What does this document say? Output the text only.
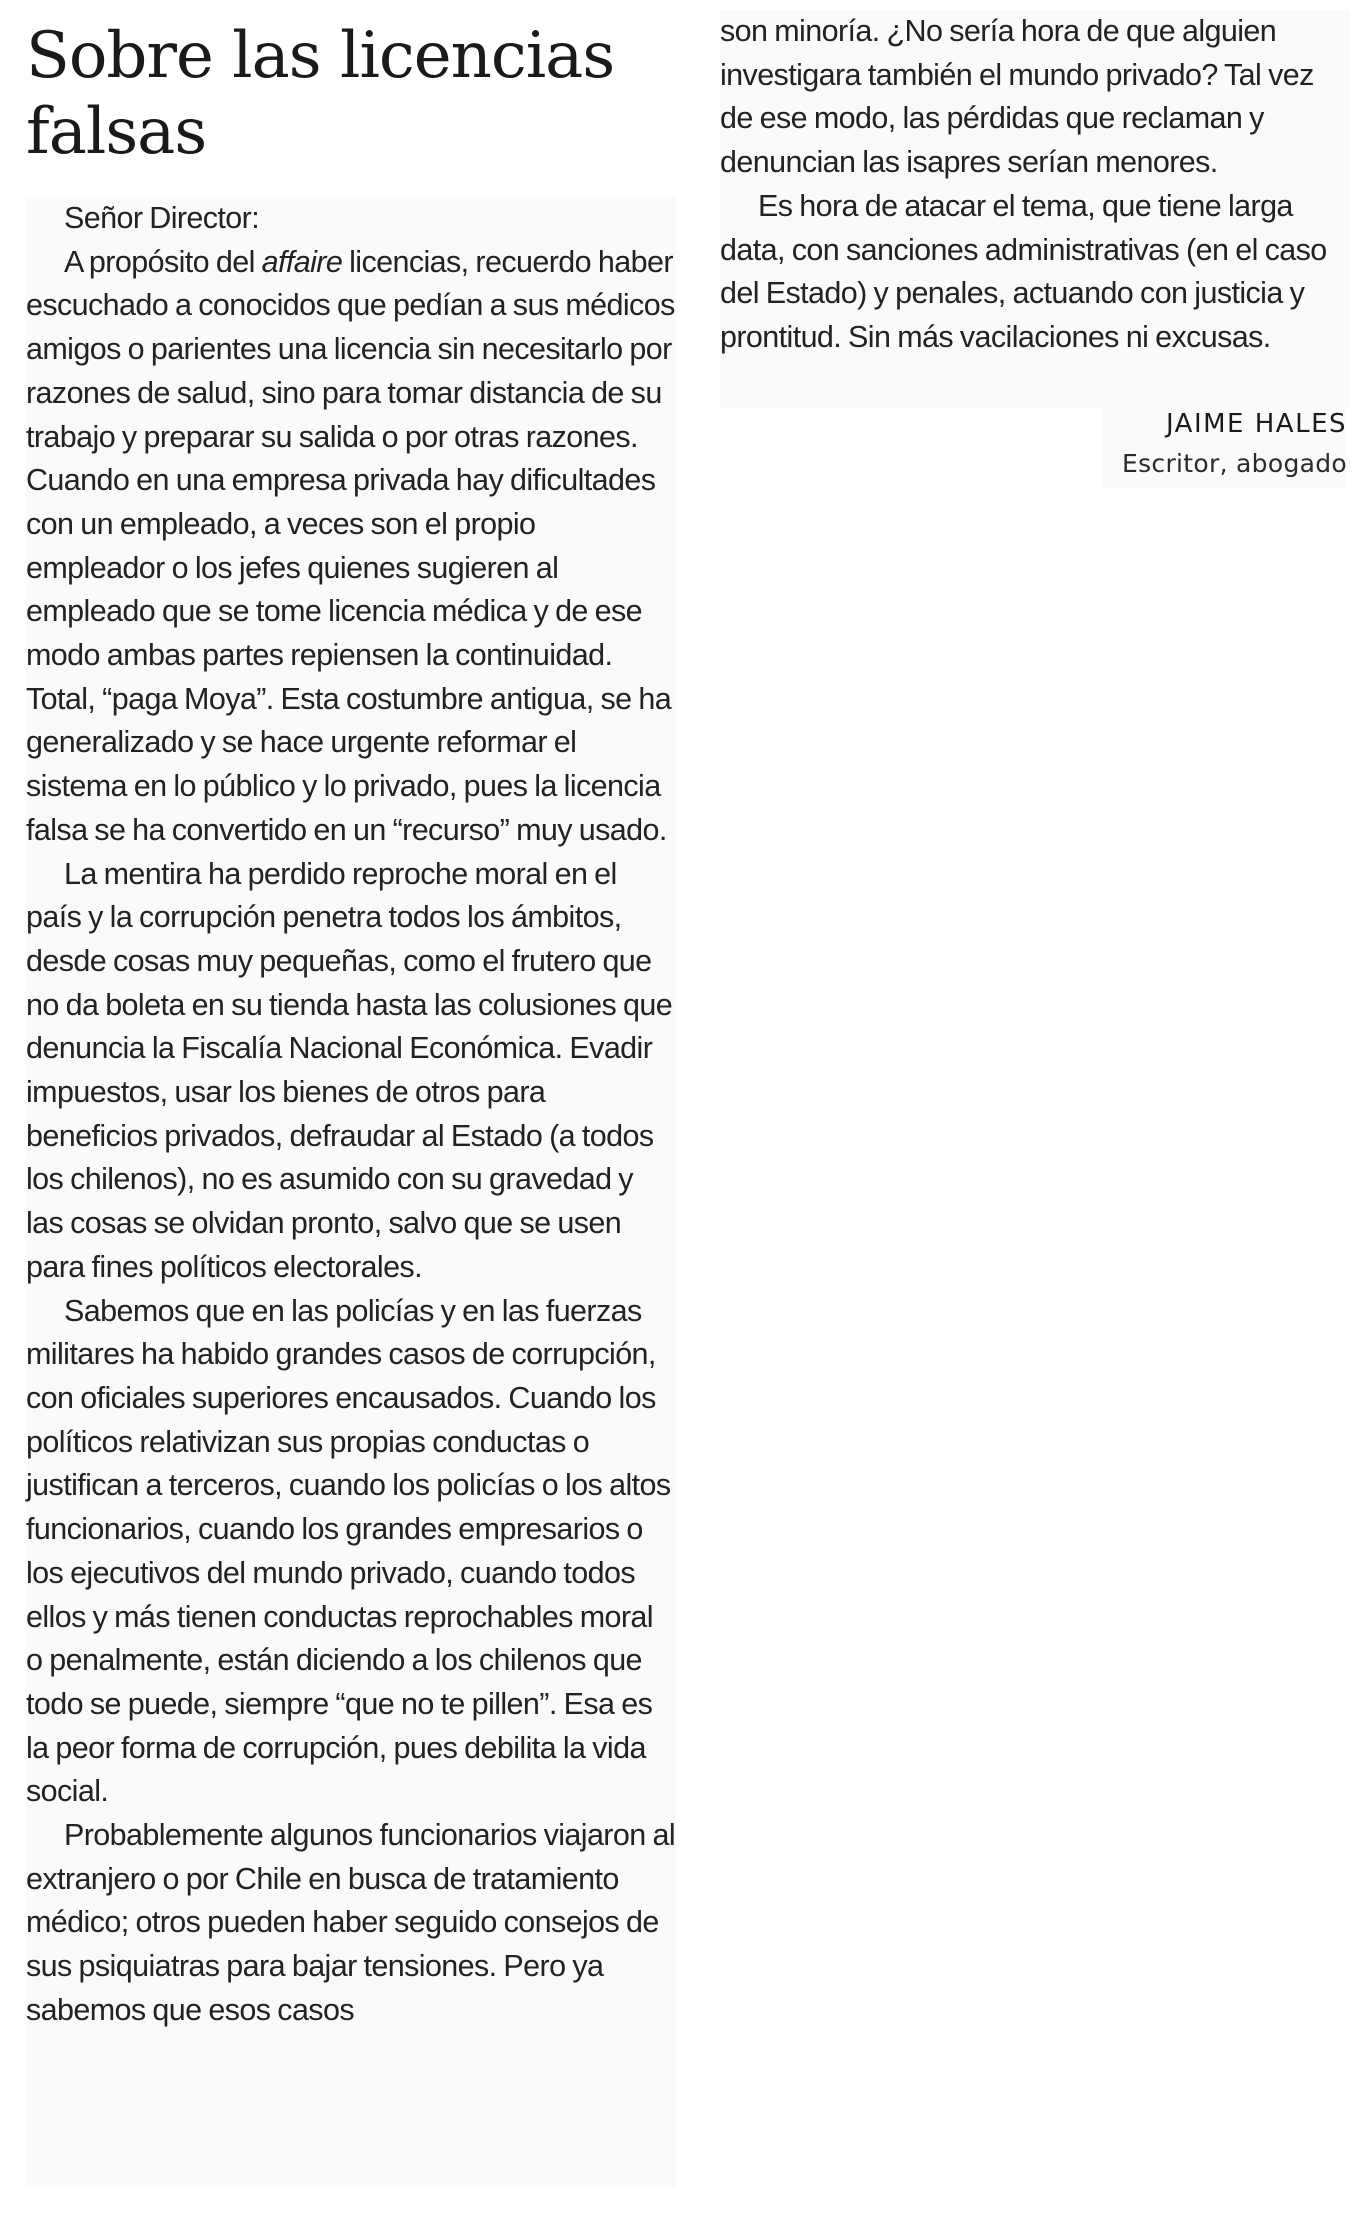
Sobre las licencias falsas

Señor Director:

A propósito del affaire licencias, recuerdo haber escuchado a conocidos que pedían a sus médicos amigos o parientes una licencia sin necesitarlo por razones de salud, sino para tomar distancia de su trabajo y preparar su salida o por otras razones. Cuando en una empresa privada hay dificultades con un empleado, a veces son el propio empleador o los jefes quienes sugieren al empleado que se tome licencia médica y de ese modo ambas partes repiensen la continuidad. Total, “paga Moya”. Esta costumbre antigua, se ha generalizado y se hace urgente reformar el sistema en lo público y lo privado, pues la licencia falsa se ha convertido en un “recurso” muy usado.

La mentira ha perdido reproche moral en el país y la corrupción penetra todos los ámbitos, desde cosas muy pequeñas, como el frutero que no da boleta en su tienda hasta las colusiones que denuncia la Fiscalía Nacional Económica. Evadir impuestos, usar los bienes de otros para beneficios privados, defraudar al Estado (a todos los chilenos), no es asumido con su gravedad y las cosas se olvidan pronto, salvo que se usen para fines políticos electorales.

Sabemos que en las policías y en las fuerzas militares ha habido grandes casos de corrupción, con oficiales superiores encausados. Cuando los políticos relativizan sus propias conductas o justifican a terceros, cuando los policías o los altos funcionarios, cuando los grandes empresarios o los ejecutivos del mundo privado, cuando todos ellos y más tienen conductas reprochables moral o penalmente, están diciendo a los chilenos que todo se puede, siempre “que no te pillen”. Esa es la peor forma de corrupción, pues debilita la vida social.

Probablemente algunos funcionarios viajaron al extranjero o por Chile en busca de tratamiento médico; otros pueden haber seguido consejos de sus psiquiatras para bajar tensiones. Pero ya sabemos que esos casos

son minoría. ¿No sería hora de que alguien investigara también el mundo privado? Tal vez de ese modo, las pérdidas que reclaman y denuncian las isapres serían menores.

Es hora de atacar el tema, que tiene larga data, con sanciones administrativas (en el caso del Estado) y penales, actuando con justicia y prontitud. Sin más vacilaciones ni excusas.

JAIME HALES
Escritor, abogado
